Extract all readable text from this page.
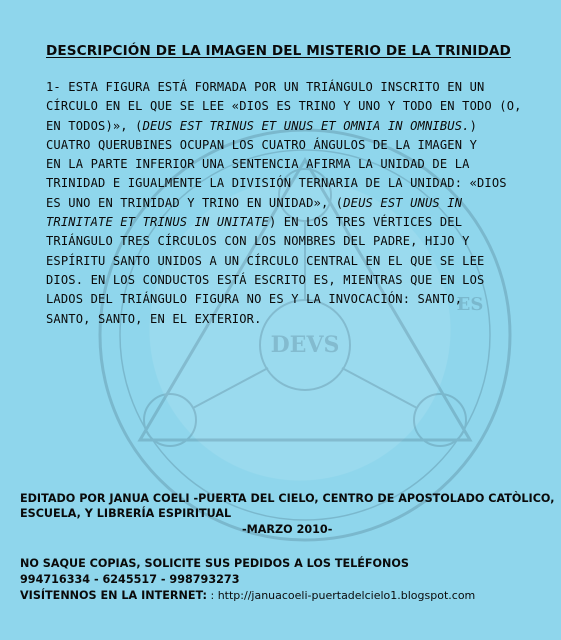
DEVS
ES
DESCRIPCIÓN DE LA IMAGEN DEL MISTERIO DE LA TRINIDAD
1- ESTA FIGURA ESTÁ FORMADA POR UN TRIÁNGULO INSCRITO EN UN
CÍRCULO EN EL QUE SE LEE «DIOS ES TRINO Y UNO Y TODO EN TODO (O,
EN TODOS)», (DEUS EST TRINUS ET UNUS ET OMNIA IN OMNIBUS.)
CUATRO QUERUBINES OCUPAN LOS CUATRO ÁNGULOS DE LA IMAGEN Y
EN LA PARTE INFERIOR UNA SENTENCIA AFIRMA LA UNIDAD DE LA
TRINIDAD E IGUALMENTE LA DIVISIÓN TERNARIA DE LA UNIDAD: «DIOS
ES UNO EN TRINIDAD Y TRINO EN UNIDAD», (DEUS EST UNUS IN
TRINITATE ET TRINUS IN UNITATE) EN LOS TRES VÉRTICES DEL
TRIÁNGULO TRES CÍRCULOS CON LOS NOMBRES DEL PADRE, HIJO Y
ESPÍRITU SANTO UNIDOS A UN CÍRCULO CENTRAL EN EL QUE SE LEE
DIOS. EN LOS CONDUCTOS ESTÁ ESCRITO ES, MIENTRAS QUE EN LOS
LADOS DEL TRIÁNGULO FIGURA NO ES Y LA INVOCACIÓN: SANTO,
SANTO, SANTO, EN EL EXTERIOR.
EDITADO POR JANUA COELI -PUERTA DEL CIELO, CENTRO DE APOSTOLADO CATÒLICO,
ESCUELA, Y LIBRERÍA ESPIRITUAL
-MARZO 2010-
NO SAQUE COPIAS, SOLICITE SUS PEDIDOS A LOS TELÉFONOS
994716334 - 6245517 - 998793273
VISÍTENNOS EN LA INTERNET: : http://januacoeli-puertadelcielo1.blogspot.com
